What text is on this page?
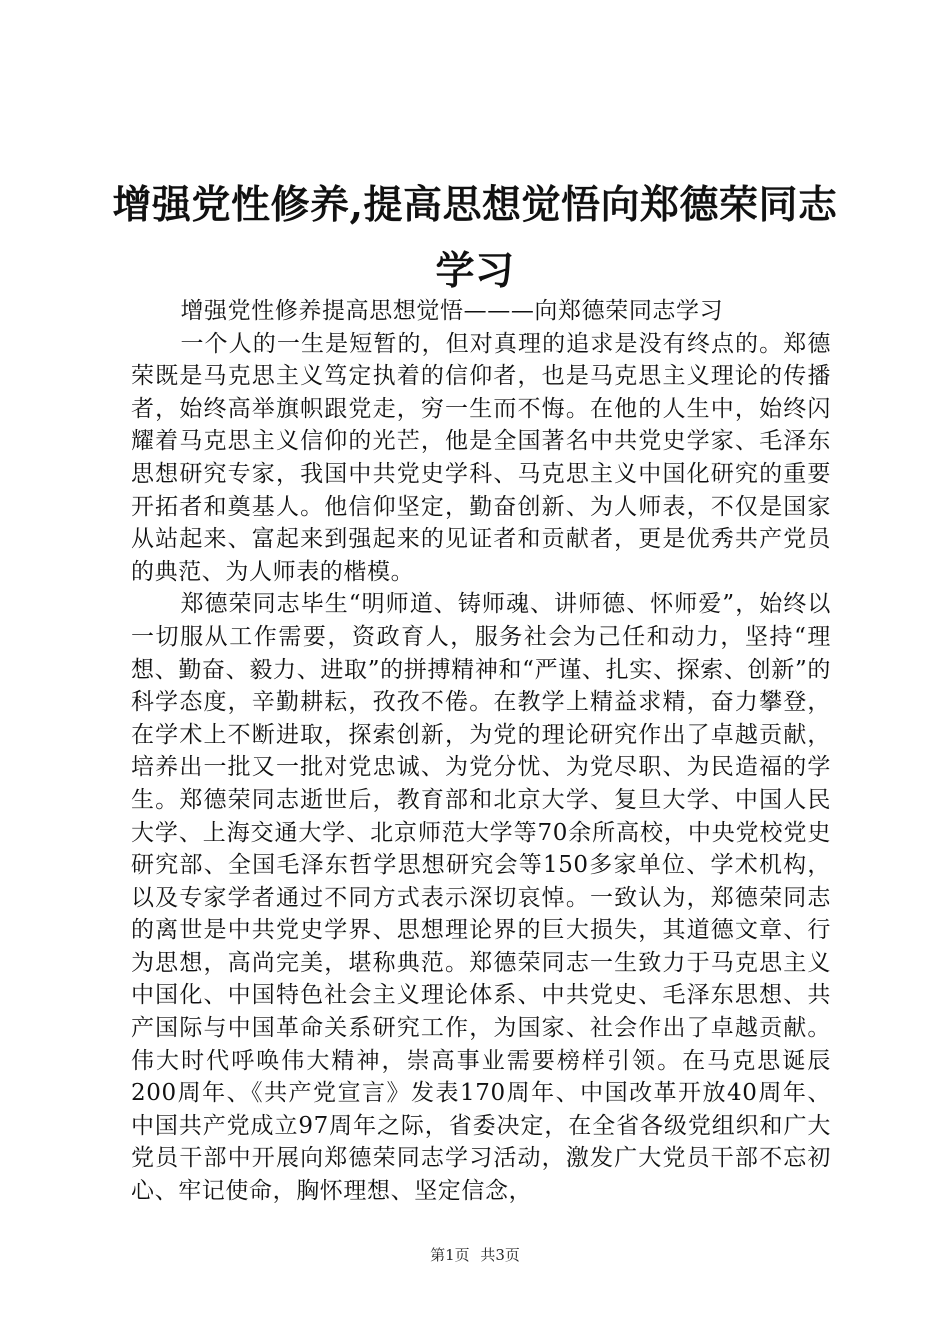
增强党性修养,提高思想觉悟向郑德荣同志学习

增强党性修养提高思想觉悟———向郑德荣同志学习

一个人的一生是短暂的，但对真理的追求是没有终点的。郑德荣既是马克思主义笃定执着的信仰者，也是马克思主义理论的传播者，始终高举旗帜跟党走，穷一生而不悔。在他的人生中，始终闪耀着马克思主义信仰的光芒，他是全国著名中共党史学家、毛泽东思想研究专家，我国中共党史学科、马克思主义中国化研究的重要开拓者和奠基人。他信仰坚定，勤奋创新、为人师表，不仅是国家从站起来、富起来到强起来的见证者和贡献者，更是优秀共产党员的典范、为人师表的楷模。

郑德荣同志毕生“明师道、铸师魂、讲师德、怀师爱”，始终以一切服从工作需要，资政育人，服务社会为己任和动力，坚持“理想、勤奋、毅力、进取”的拼搏精神和“严谨、扎实、探索、创新”的科学态度，辛勤耕耘，孜孜不倦。在教学上精益求精，奋力攀登，在学术上不断进取，探索创新，为党的理论研究作出了卓越贡献，培养出一批又一批对党忠诚、为党分忧、为党尽职、为民造福的学生。郑德荣同志逝世后，教育部和北京大学、复旦大学、中国人民大学、上海交通大学、北京师范大学等70余所高校，中央党校党史研究部、全国毛泽东哲学思想研究会等150多家单位、学术机构，以及专家学者通过不同方式表示深切哀悼。一致认为，郑德荣同志的离世是中共党史学界、思想理论界的巨大损失，其道德文章、行为思想，高尚完美，堪称典范。郑德荣同志一生致力于马克思主义中国化、中国特色社会主义理论体系、中共党史、毛泽东思想、共产国际与中国革命关系研究工作，为国家、社会作出了卓越贡献。伟大时代呼唤伟大精神，崇高事业需要榜样引领。在马克思诞辰200周年、《共产党宣言》发表170周年、中国改革开放40周年、中国共产党成立97周年之际，省委决定，在全省各级党组织和广大党员干部中开展向郑德荣同志学习活动，激发广大党员干部不忘初心、牢记使命，胸怀理想、坚定信念，

第1页 共3页
